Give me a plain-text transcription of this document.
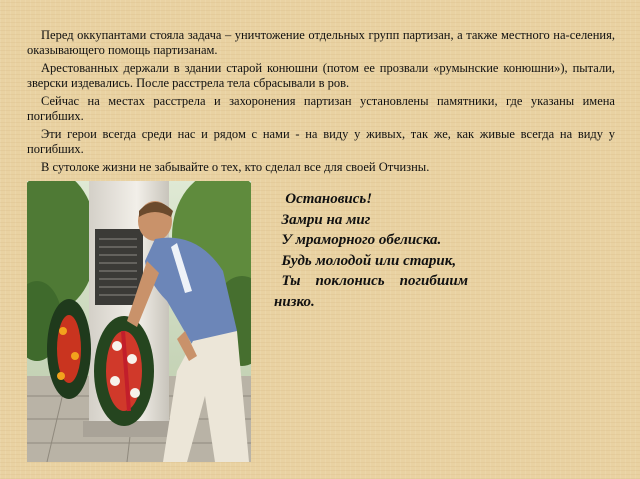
Перед оккупантами стояла задача – уничтожение отдельных групп партизан, а также местного на-селения, оказывающего помощь партизанам.

Арестованных держали в здании старой конюшни (потом ее прозвали «румынские конюшни»), пытали, зверски издевались. После расстрела тела сбрасывали в ров.

Сейчас на местах расстрела и захоронения партизан установлены памятники, где указаны имена погибших.

Эти герои всегда среди нас и рядом с нами - на виду у живых, так же, как живые всегда на виду у погибших.

В сутолоке жизни не забывайте о тех, кто сделал все для своей Отчизны.

Остановись!
Замри на миг
У мраморного обелиска.
Будь молодой или старик,
Ты    поклонись    погибшим
низко.
